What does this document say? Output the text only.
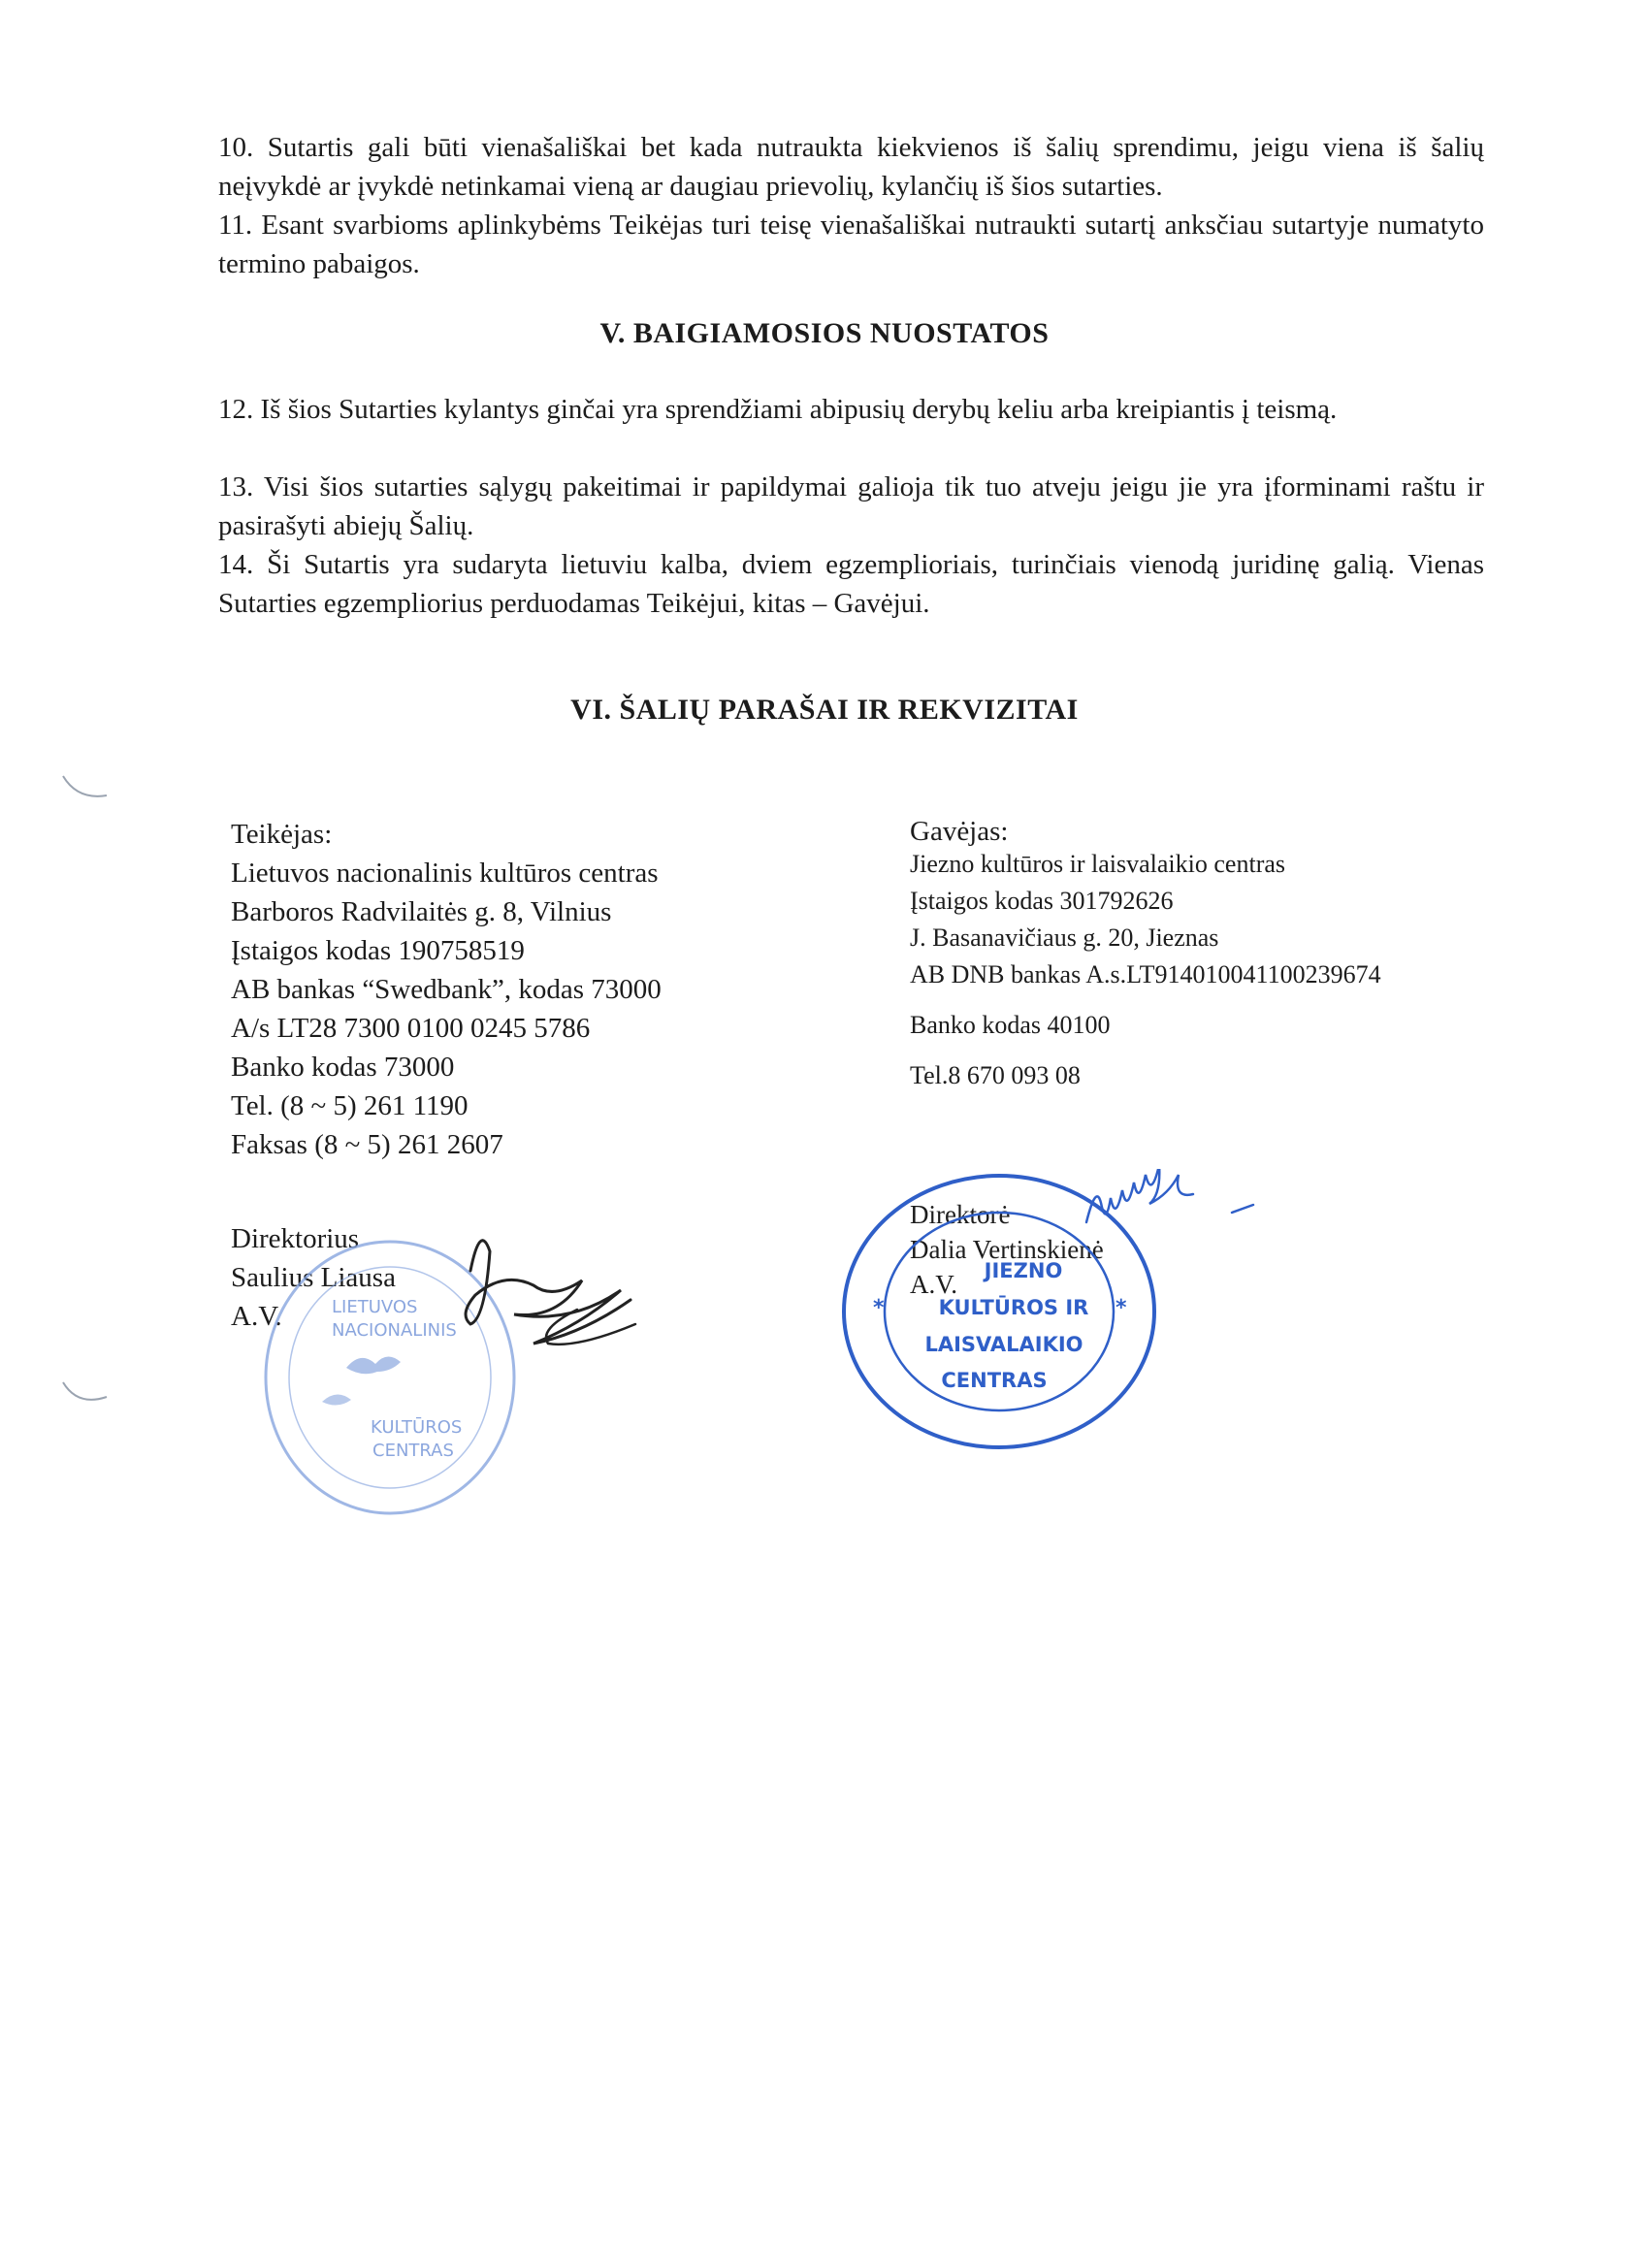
10. Sutartis gali būti vienašališkai bet kada nutraukta kiekvienos iš šalių sprendimu, jeigu viena iš šalių neįvykdė ar įvykdė netinkamai vieną ar daugiau prievolių, kylančių iš šios sutarties.
11. Esant svarbioms aplinkybėms Teikėjas turi teisę vienašališkai nutraukti sutartį anksčiau sutartyje numatyto termino pabaigos.
V. BAIGIAMOSIOS NUOSTATOS
12. Iš šios Sutarties kylantys ginčai yra sprendžiami abipusių derybų keliu arba kreipiantis į teismą.
13. Visi šios sutarties sąlygų pakeitimai ir papildymai galioja tik tuo atveju jeigu jie yra įforminami raštu ir pasirašyti abiejų Šalių.
14. Ši Sutartis yra sudaryta lietuviu kalba, dviem egzemplioriais, turinčiais vienodą juridinę galią. Vienas Sutarties egzempliorius perduodamas Teikėjui, kitas – Gavėjui.
VI. ŠALIŲ PARAŠAI IR REKVIZITAI
Teikėjas:
Lietuvos nacionalinis kultūros centras
Barboros Radvilaitės g. 8, Vilnius
Įstaigos kodas 190758519
AB bankas “Swedbank”, kodas 73000
A/s LT28 7300 0100 0245 5786
Banko kodas 73000
Tel. (8 ~ 5) 261 1190
Faksas (8 ~ 5) 261 2607
Direktorius
Saulius Liausa
A.V.
Gavėjas:
Jiezno kultūros ir laisvalaikio centras
Įstaigos kodas 301792626
J. Basanavičiaus g. 20, Jieznas
AB DNB bankas A.s.LT914010041100239674
Banko kodas 40100
Tel.8 670 093 08
Direktorė
Dalia Vertinskienė
A.V.
LIETUVOS
NACIONALINIS
KULTŪROS
CENTRAS
JIEZNO
KULTŪROS IR
LAISVALAIKIO
CENTRAS
*	*
